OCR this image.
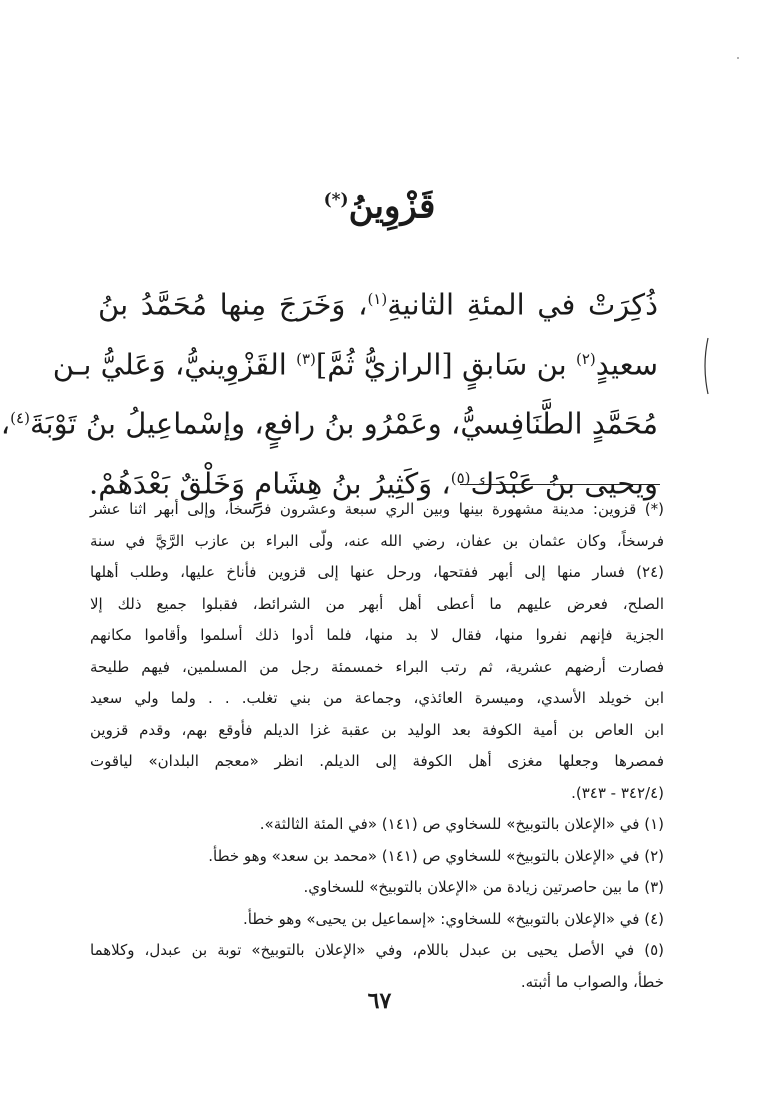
قَزْوِينُ(*)
ذُكِرَتْ في المئةِ الثانيةِ$^{(١)}$، وَخَرَجَ مِنها مُحَمَّدُ بنُ
سعيدٍ$^{(٢)}$ بن سَابقٍ [الرازيُّ ثُمَّ]$^{(٣)}$ القَزْوِينيُّ، وَعَليُّ بـن
مُحَمَّدٍ الطَّنَافِسيُّ، وعَمْرُو بنُ رافعٍ، وإسْماعِيلُ بنُ تَوْبَةَ$^{(٤)}$،
ويحيى بنُ عَبْدَك$^{(٥)}$، وَكَثِيرُ بنُ هِشَامٍ وَخَلْقٌ بَعْدَهُمْ.
(*) قزوين: مدينة مشهورة بينها وبين الري سبعة وعشرون فرسخاً، وإلى أبهر اثنا عشر
فرسخاً، وكان عثمان بن عفان، رضي الله عنه، ولّى البراء بن عازب الرَّيَّ في سنة
(٢٤) فسار منها إلى أبهر ففتحها، ورحل عنها إلى قزوين فأناخ عليها، وطلب أهلها
الصلح، فعرض عليهم ما أعطى أهل أبهر من الشرائط، فقبلوا جميع ذلك إلا
الجزية فإنهم نفروا منها، فقال لا بد منها، فلما أدوا ذلك أسلموا وأقاموا مكانهم
فصارت أرضهم عشرية، ثم رتب البراء خمسمئة رجل من المسلمين، فيهم طليحة
ابن خويلد الأسدي، وميسرة العائذي، وجماعة من بني تغلب. . . ولما ولي سعيد
ابن العاص بن أمية الكوفة بعد الوليد بن عقبة غزا الديلم فأوقع بهم، وقدم قزوين
فمصرها وجعلها مغزى أهل الكوفة إلى الديلم. انظر «معجم البلدان» لياقوت
(٣٤٢/٤ - ٣٤٣).
(١) في «الإعلان بالتوبيخ» للسخاوي ص (١٤١) «في المئة الثالثة».
(٢) في «الإعلان بالتوبيخ» للسخاوي ص (١٤١) «محمد بن سعد» وهو خطأ.
(٣) ما بين حاصرتين زيادة من «الإعلان بالتوبيخ» للسخاوي.
(٤) في «الإعلان بالتوبيخ» للسخاوي: «إسماعيل بن يحيى» وهو خطأ.
(٥) في الأصل يحيى بن عبدل باللام، وفي «الإعلان بالتوبيخ» توبة بن عبدل، وكلاهما
خطأ، والصواب ما أثبته.
٦٧
